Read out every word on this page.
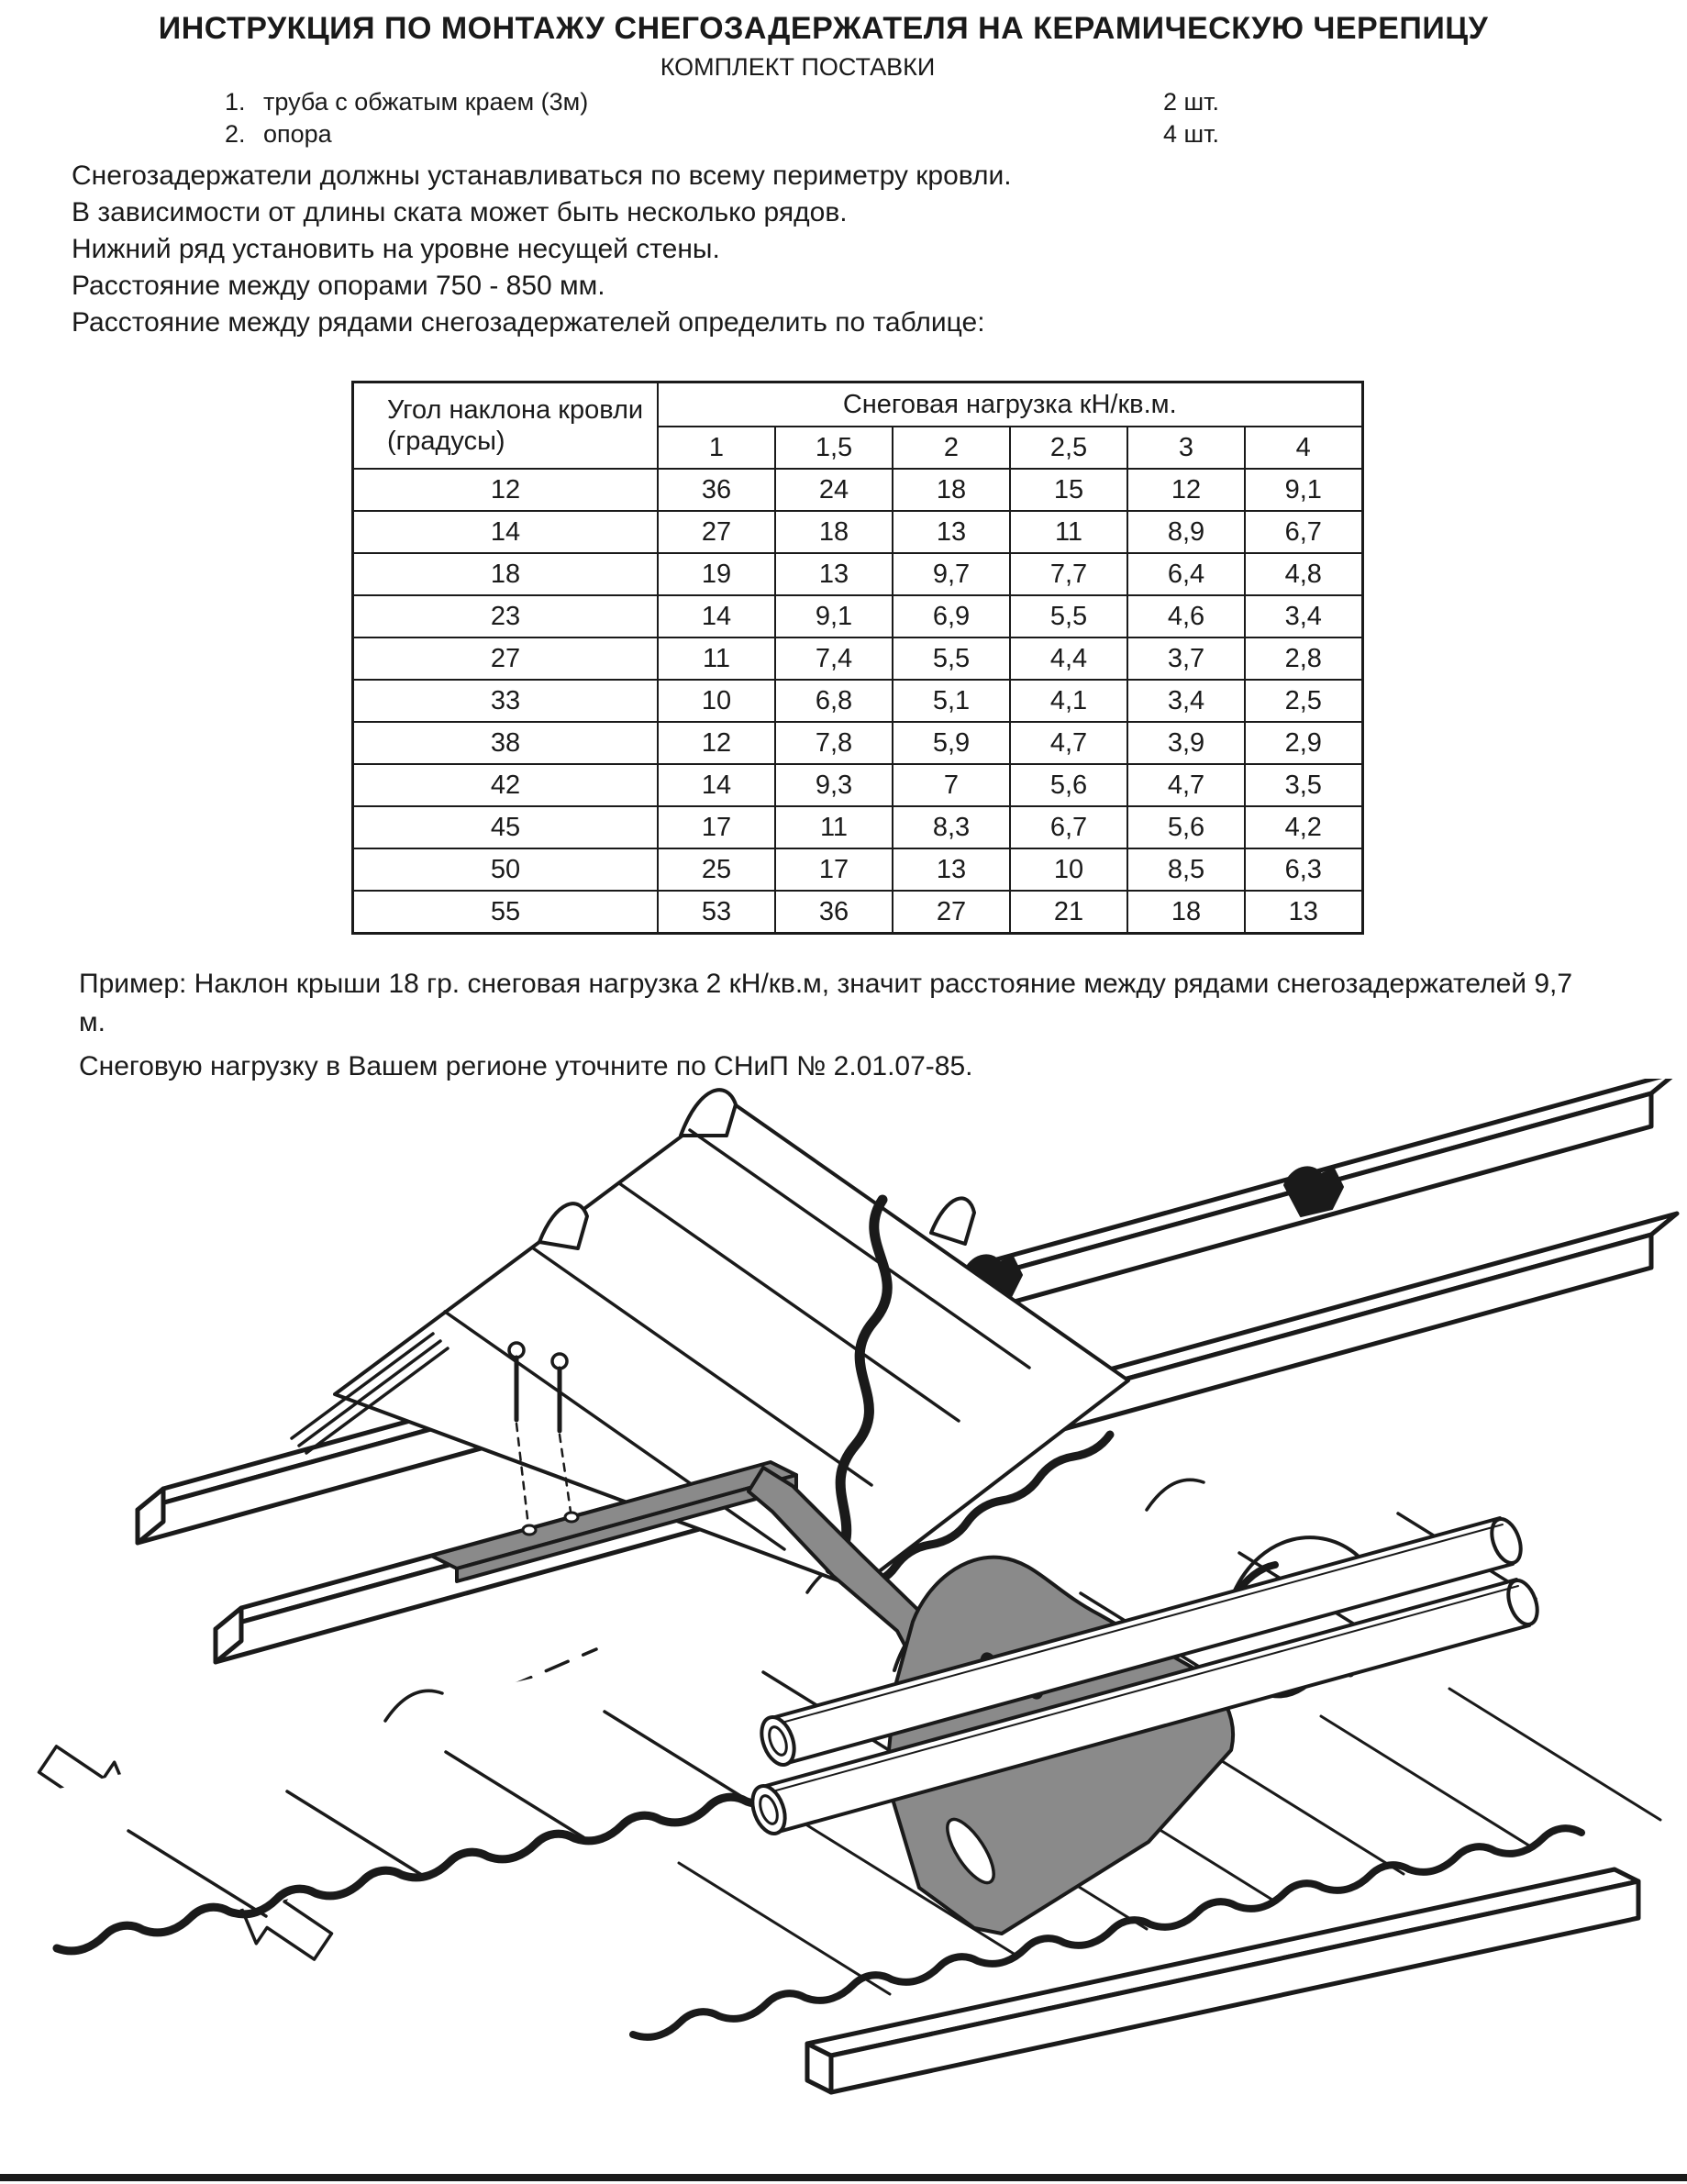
ИНСТРУКЦИЯ ПО МОНТАЖУ СНЕГОЗАДЕРЖАТЕЛЯ НА КЕРАМИЧЕСКУЮ ЧЕРЕПИЦУ
КОМПЛЕКТ ПОСТАВКИ
1. труба с обжатым краем (3м)	2 шт.
2. опора	4 шт.
Снегозадержатели должны устанавливаться по всему периметру кровли.
В зависимости от длины ската может быть несколько рядов.
Нижний ряд установить на уровне несущей стены.
Расстояние между опорами 750 - 850 мм.
Расстояние между рядами снегозадержателей определить по таблице:
Угол наклона кровли (градусы)	Снеговая нагрузка кН/кв.м.					
	1	1,5	2	2,5	3	4
12	36	24	18	15	12	9,1
14	27	18	13	11	8,9	6,7
18	19	13	9,7	7,7	6,4	4,8
23	14	9,1	6,9	5,5	4,6	3,4
27	11	7,4	5,5	4,4	3,7	2,8
33	10	6,8	5,1	4,1	3,4	2,5
38	12	7,8	5,9	4,7	3,9	2,9
42	14	9,3	7	5,6	4,7	3,5
45	17	11	8,3	6,7	5,6	4,2
50	25	17	13	10	8,5	6,3
55	53	36	27	21	18	13
Пример: Наклон крыши 18 гр. снеговая нагрузка 2 кН/кв.м, значит расстояние между рядами снегозадержателей 9,7 м.
Снеговую нагрузку в Вашем регионе уточните по СНиП № 2.01.07-85.
